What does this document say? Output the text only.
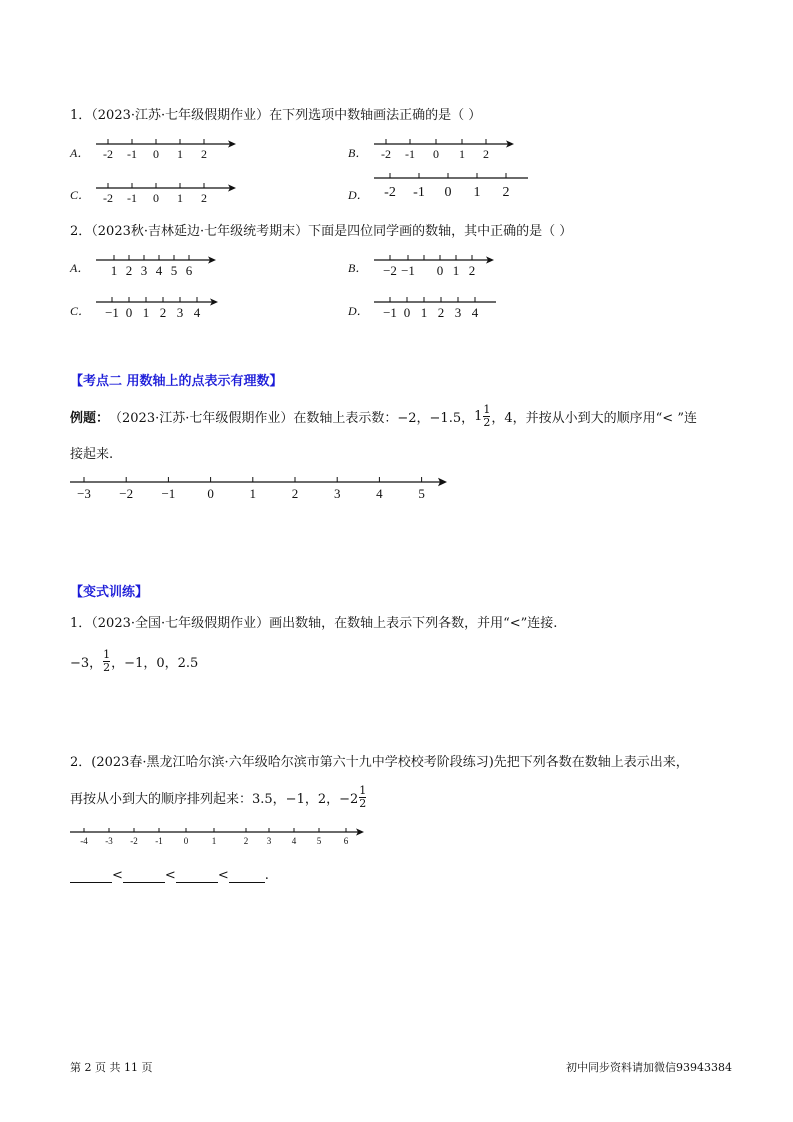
1．（2023·江苏·七年级假期作业）在下列选项中数轴画法正确的是（ ）
A． -2 -1 0 1 2	B． -2 -1 0 1 2
C． -2 -1 0 1 2	D． -2 -1 0 1 2
2．（2023秋·吉林延边·七年级统考期末）下面是四位同学画的数轴，其中正确的是（ ）
A． 1 2 3 4 5 6	B． −2 −1 0 1 2
C． −1 0 1 2 3 4	D． −1 0 1 2 3 4
【考点二 用数轴上的点表示有理数】
例题： （2023·江苏·七年级假期作业）在数轴上表示数：−2，−1.5， $1 \frac{1}{2}$ ，4，并按从小到大的顺序用“< ”连
接起来.
−3 −2 −1 0	1	2	3	4	5
【变式训练】
1．（2023·全国·七年级假期作业）画出数轴，在数轴上表示下列各数，并用“<”连接.
−3， $\frac{1}{2}$ ，−1，0，2.5
2．(2023春·黑龙江哈尔滨·六年级哈尔滨市第六十九中学校校考阶段练习)先把下列各数在数轴上表示出来，
再按从小到大的顺序排列起来：3.5，−1，2，$-2 \frac{1}{2}$
-4 -3 -2 -1 0	1	2 3 4 5	6
<	<	<	.
第 2 页 共 11 页	初中同步资料请加微信93943384
